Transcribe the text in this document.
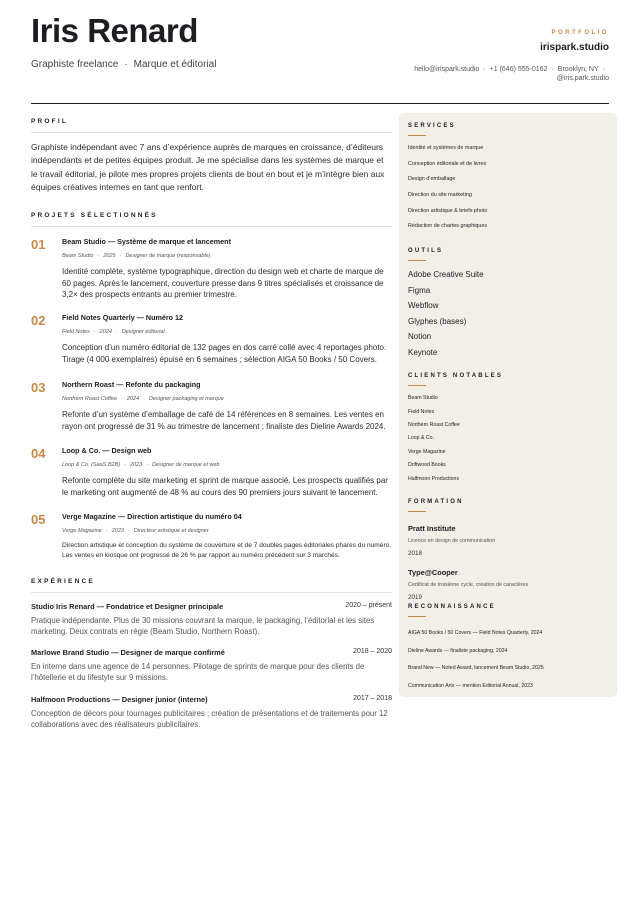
Iris Renard
Graphiste freelance · Marque et éditorial
PORTFOLIO
irispark.studio
hello@irispark.studio · +1 (646) 555-0162 · Brooklyn, NY ·
@iris.park.studio
PROFIL
Graphiste indépendant avec 7 ans d’expérience auprès de marques en croissance, d’éditeurs indépendants et de petites équipes produit. Je me spécialise dans les systèmes de marque et le travail éditorial, je pilote mes propres projets clients de bout en bout et je m’intègre bien aux équipes créatives internes en tant que renfort.
PROJETS SÉLECTIONNÉS
01 Beam Studio — Système de marque et lancement
Beam Studio · 2025 · Designer de marque (responsable)
Identité complète, système typographique, direction du design web et charte de marque de 60 pages. Après le lancement, couverture presse dans 9 titres spécialisés et croissance de 3,2× des prospects entrants au premier trimestre.
02 Field Notes Quarterly — Numéro 12
Field Notes · 2024 · Designer éditorial
Conception d’un numéro éditorial de 132 pages en dos carré collé avec 4 reportages photo. Tirage (4 000 exemplaires) épuisé en 6 semaines ; sélection AIGA 50 Books / 50 Covers.
03 Northern Roast — Refonte du packaging
Northern Roast Coffee · 2024 · Designer packaging et marque
Refonte d’un système d’emballage de café de 14 références en 8 semaines. Les ventes en rayon ont progressé de 31 % au trimestre de lancement ; finaliste des Dieline Awards 2024.
04 Loop & Co. — Design web
Loop & Co. (SaaS B2B) · 2023 · Designer de marque et web
Refonte complète du site marketing et sprint de marque associé. Les prospects qualifiés par le marketing ont augmenté de 48 % au cours des 90 premiers jours suivant le lancement.
05 Verge Magazine — Direction artistique du numéro 04
Verge Magazine · 2023 · Directeur artistique et designer
Direction artistique et conception du système de couverture et de 7 doubles pages éditoriales phares du numéro. Les ventes en kiosque ont progressé de 26 % par rapport au numéro précédent sur 3 marchés.
EXPÉRIENCE
Studio Iris Renard — Fondatrice et Designer principale	2020 – présent
Pratique indépendante. Plus de 30 missions couvrant la marque, le packaging, l’éditorial et les sites marketing. Deux contrats en régie (Beam Studio, Northern Roast).
Marlowe Brand Studio — Designer de marque confirmé	2018 – 2020
En interne dans une agence de 14 personnes. Pilotage de sprints de marque pour des clients de l’hôtellerie et du lifestyle sur 9 missions.
Halfmoon Productions — Designer junior (interne)	2017 – 2018
Conception de décors pour tournages publicitaires ; création de présentations et de traitements pour 12 collaborations avec des réalisateurs publicitaires.
SERVICES
Identité et systèmes de marque
Conception éditoriale et de livres
Design d’emballage
Direction du site marketing
Direction artistique & briefs photo
Rédaction de chartes graphiques
OUTILS
Adobe Creative Suite
Figma
Webflow
Glyphes (bases)
Notion
Keynote
CLIENTS NOTABLES
Beam Studio
Field Notes
Northern Roast Coffee
Loop & Co.
Verge Magazine
Driftwood Books
Halfmoon Productions
FORMATION
Pratt Institute
Licence en design de communication
2018
Type@Cooper
Certificat de troisième cycle, création de caractères
2019
RECONNAISSANCE
AIGA 50 Books / 50 Covers — Field Notes Quarterly, 2024
Dieline Awards — finaliste packaging, 2024
Brand New — Noted Award, lancement Beam Studio, 2025
Communication Arts — mention Editorial Annual, 2023
